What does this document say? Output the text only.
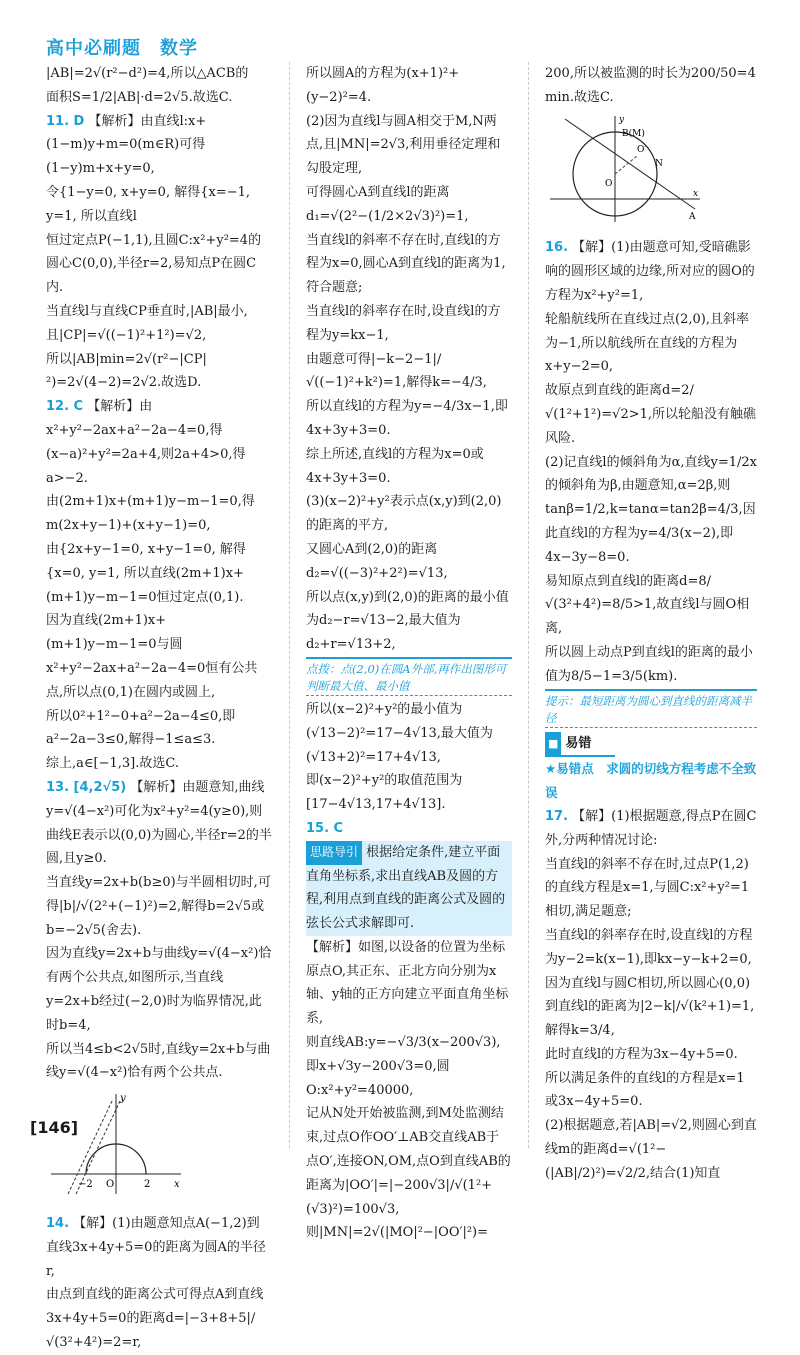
高中必刷题　数学

|AB|=2√(r²−d²)=4,所以△ACB的

面积S=1/2|AB|·d=2√5.故选C.

11. D 【解析】由直线l:x+(1−m)y+m=0(m∈R)可得(1−y)m+x+y=0,

令{1−y=0, x+y=0, 解得{x=−1, y=1, 所以直线l

恒过定点P(−1,1),且圆C:x²+y²=4的圆心C(0,0),半径r=2,易知点P在圆C内.

当直线l与直线CP垂直时,|AB|最小,且|CP|=√((−1)²+1²)=√2,

所以|AB|min=2√(r²−|CP|²)=2√(4−2)=2√2.故选D.

12. C 【解析】由x²+y²−2ax+a²−2a−4=0,得(x−a)²+y²=2a+4,则2a+4>0,得a>−2.

由(2m+1)x+(m+1)y−m−1=0,得m(2x+y−1)+(x+y−1)=0,

由{2x+y−1=0, x+y−1=0, 解得{x=0, y=1, 所以直线(2m+1)x+(m+1)y−m−1=0恒过定点(0,1).

因为直线(2m+1)x+(m+1)y−m−1=0与圆x²+y²−2ax+a²−2a−4=0恒有公共点,所以点(0,1)在圆内或圆上,

所以0²+1²−0+a²−2a−4≤0,即a²−2a−3≤0,解得−1≤a≤3.

综上,a∈[−1,3].故选C.

13. [4,2√5) 【解析】由题意知,曲线y=√(4−x²)可化为x²+y²=4(y≥0),则曲线E表示以(0,0)为圆心,半径r=2的半圆,且y≥0.

当直线y=2x+b(b≥0)与半圆相切时,可得|b|/√(2²+(−1)²)=2,解得b=2√5或b=−2√5(舍去).

因为直线y=2x+b与曲线y=√(4−x²)恰有两个公共点,如图所示,当直线y=2x+b经过(−2,0)时为临界情况,此时b=4,

所以当4≤b<2√5时,直线y=2x+b与曲线y=√(4−x²)恰有两个公共点.

−2 O	2 x
y

14. 【解】(1)由题意知点A(−1,2)到直线3x+4y+5=0的距离为圆A的半径r,

由点到直线的距离公式可得点A到直线3x+4y+5=0的距离d=|−3+8+5|/√(3²+4²)=2=r,

所以圆A的方程为(x+1)²+(y−2)²=4.

(2)因为直线l与圆A相交于M,N两点,且|MN|=2√3,利用垂径定理和勾股定理,

可得圆心A到直线l的距离d₁=√(2²−(1/2×2√3)²)=1,

当直线l的斜率不存在时,直线l的方程为x=0,圆心A到直线l的距离为1,符合题意;

当直线l的斜率存在时,设直线l的方程为y=kx−1,

由题意可得|−k−2−1|/√((−1)²+k²)=1,解得k=−4/3,

所以直线l的方程为y=−4/3x−1,即4x+3y+3=0.

综上所述,直线l的方程为x=0或4x+3y+3=0.

(3)(x−2)²+y²表示点(x,y)到(2,0)的距离的平方,

又圆心A到(2,0)的距离d₂=√((−3)²+2²)=√13,

所以点(x,y)到(2,0)的距离的最小值为d₂−r=√13−2,最大值为d₂+r=√13+2,

点拨：点(2,0)在圆A外部,再作出图形可判断最大值、最小值

所以(x−2)²+y²的最小值为(√13−2)²=17−4√13,最大值为(√13+2)²=17+4√13,

即(x−2)²+y²的取值范围为[17−4√13,17+4√13].

15. C

思路导引 根据给定条件,建立平面直角坐标系,求出直线AB及圆的方程,利用点到直线的距离公式及圆的弦长公式求解即可.

【解析】如图,以设备的位置为坐标原点O,其正东、正北方向分别为x轴、y轴的正方向建立平面直角坐标系,

则直线AB:y=−√3/3(x−200√3),即x+√3y−200√3=0,圆O:x²+y²=40000,

记从N处开始被监测,到M处监测结束,过点O作OO′⊥AB交直线AB于点O′,连接ON,OM,点O到直线AB的距离为|OO′|=|−200√3|/√(1²+(√3)²)=100√3,

则|MN|=2√(|MO|²−|OO′|²)=

200,所以被监测的时长为200/50=4 min.故选C.

y
B(M)
N
O′
O
x
A

16. 【解】(1)由题意可知,受暗礁影响的圆形区域的边缘,所对应的圆O的方程为x²+y²=1,

轮船航线所在直线过点(2,0),且斜率为−1,所以航线所在直线的方程为x+y−2=0,

故原点到直线的距离d=2/√(1²+1²)=√2>1,所以轮船没有触礁风险.

(2)记直线l的倾斜角为α,直线y=1/2x的倾斜角为β,由题意知,α=2β,则tanβ=1/2,k=tanα=tan2β=4/3,因此直线l的方程为y=4/3(x−2),即4x−3y−8=0.

易知原点到直线l的距离d=8/√(3²+4²)=8/5>1,故直线l与圆O相离,

所以圆上动点P到直线l的距离的最小值为8/5−1=3/5(km).

提示：最短距离为圆心到直线的距离减半径

■ 易错

★易错点　求圆的切线方程考虑不全致误

17. 【解】(1)根据题意,得点P在圆C外,分两种情况讨论:

当直线l的斜率不存在时,过点P(1,2)的直线方程是x=1,与圆C:x²+y²=1相切,满足题意;

当直线l的斜率存在时,设直线l的方程为y−2=k(x−1),即kx−y−k+2=0,因为直线l与圆C相切,所以圆心(0,0)到直线l的距离为|2−k|/√(k²+1)=1,解得k=3/4,

此时直线l的方程为3x−4y+5=0.

所以满足条件的直线l的方程是x=1或3x−4y+5=0.

(2)根据题意,若|AB|=√2,则圆心到直线m的距离d=√(1²−(|AB|/2)²)=√2/2,结合(1)知直

[146]
